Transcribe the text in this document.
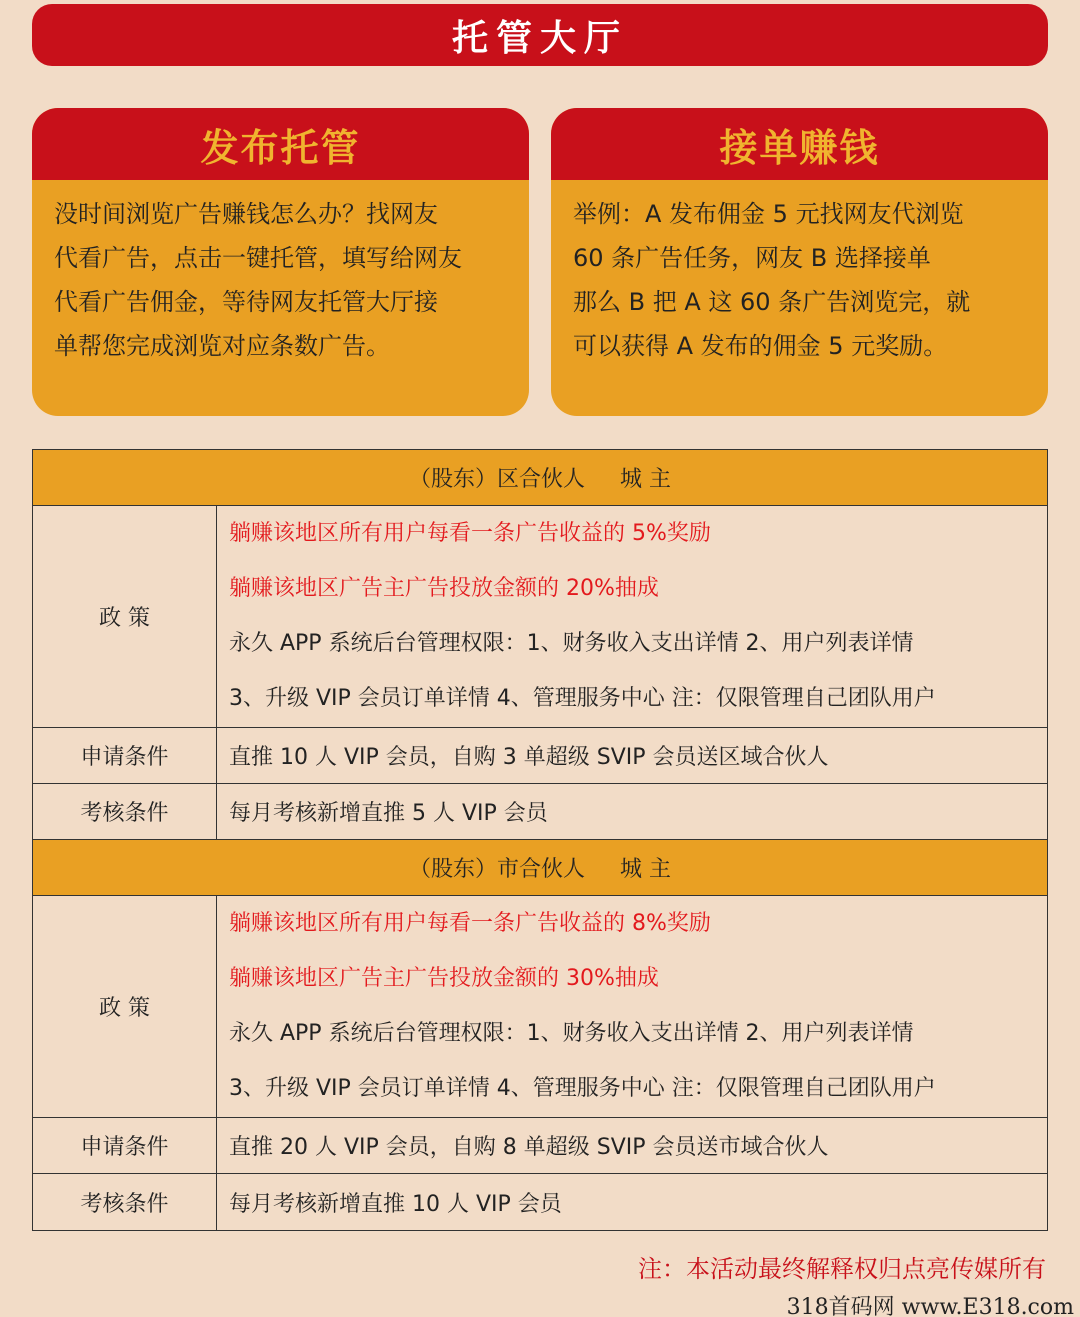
托管大厅
发布托管
没时间浏览广告赚钱怎么办？找网友
代看广告，点击一键托管，填写给网友
代看广告佣金，等待网友托管大厅接
单帮您完成浏览对应条数广告。
接单赚钱
举例：A 发布佣金 5 元找网友代浏览
60 条广告任务，网友 B 选择接单
那么 B 把 A 这 60 条广告浏览完，就
可以获得 A 发布的佣金 5 元奖励。
（股东）区合伙人     城 主
政 策
躺赚该地区所有用户每看一条广告收益的 5%奖励
躺赚该地区广告主广告投放金额的 20%抽成
永久 APP 系统后台管理权限：1、财务收入支出详情 2、用户列表详情
3、升级 VIP 会员订单详情 4、管理服务中心 注：仅限管理自己团队用户
申请条件	直推 10 人 VIP 会员，自购 3 单超级 SVIP 会员送区域合伙人
考核条件	每月考核新增直推 5 人 VIP 会员
（股东）市合伙人     城 主
政 策
躺赚该地区所有用户每看一条广告收益的 8%奖励
躺赚该地区广告主广告投放金额的 30%抽成
永久 APP 系统后台管理权限：1、财务收入支出详情 2、用户列表详情
3、升级 VIP 会员订单详情 4、管理服务中心 注：仅限管理自己团队用户
申请条件	直推 20 人 VIP 会员，自购 8 单超级 SVIP 会员送市域合伙人
考核条件	每月考核新增直推 10 人 VIP 会员
注：本活动最终解释权归点亮传媒所有
318首码网 www.E318.com
